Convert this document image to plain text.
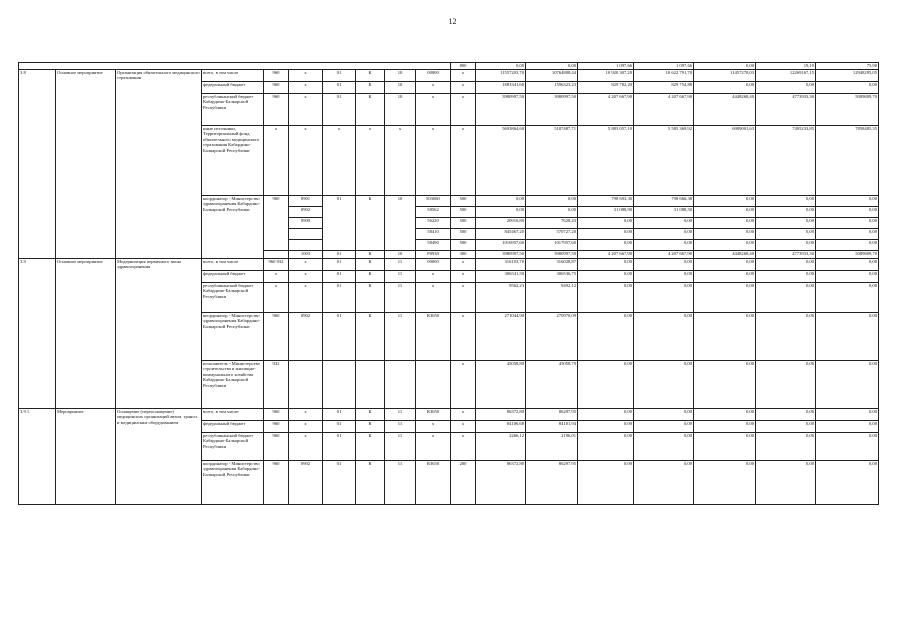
12
										800	0,00	0,00	1 097,66	1 097,66	0,00	19,10	75,90
3.8	Основное мероприятие	Организация обязательного медицинского страхования	всего, в том числе	960	x	01	К	10	00000	x	11557203,70	10764808,44	10 920 307,20	10 622 791,70	11457270,03	12269167,15	12948295,05
			федеральный бюджет	960	x	01	К	10	x	x	1883341,60	1596323,23	829 782,20	829 754,88	0,00	0,00	0,00
			республиканский бюджет Кабардино-Балкарской Республики	960	x	01	К	10	x	x	3980997,50	3980997,50	4 207 667,90	4 207 667,90	4448268,40	4773933,30	5089809,70
			иные источники, Территориальный фонд обязательного медицинского страхования Кабардино-Балкарской Республики	x	x	x	x	x	x	x	5693864,60	5187487,71	5 883 057,10	5 585 369,92	6989001,63	7495233,85	7858485,35
			координатор - Министерство здравоохранения Кабардино-Балкарской Республики	960	0901	01	К	10	5030Ю	500	0,00	0,00	798 693,30	798 666,38	0,00	0,00	0,00
					0902				58562	500	0,00	0,00	31 088,90	31 088,50	0,00	0,00	0,00
					0909				56220	500	20916,80	7628,43	0,00	0,00	0,00	0,00	0,00
									58410	500	845467,20	570727,20	0,00	0,00	0,00	0,00	0,00
									58490	500	1016957,60	1017957,60	0,00	0,00	0,00	0,00	0,00
					1003	01	К	10	Р0930	300	3980997,50	3980997,50	4 207 667,90	4 207 667,90	4448268,40	4773933,30	5089809,70
3.9	Основное мероприятие	Модернизация первичного звена здравоохранения	всего, в том числе	960 932	x	01	К	11	00000	x	316103,70	316028,87	0,00	0,00	0,00	0,00	0,00
			федеральный бюджет	x	x	01	К	11	x	x	306541,50	306536,75	0,00	0,00	0,00	0,00	0,00
			республиканский бюджет Кабардино-Балкарской Республики	x	x	01	К	11	x	x	9562,23	9492,12	0,00	0,00	0,00	0,00	0,00
			координатор - Министерство здравоохранения Кабардино-Балкарской Республики	960	0902	01	К	11	R3650	x	271044,90	270970,09	0,00	0,00	0,00	0,00	0,00
			исполнитель - Министерство строительства и жилищно-коммунального хозяйства Кабардино-Балкарской Республики	932						x	45058,80	45058,79	0,00	0,00	0,00	0,00	0,00
3.9.1	Мероприятие	Оснащение (переоснащение) медицинских организаций автом. трансп. и медицинским оборудованием	всего, в том числе:	960	x	01	К	11	R3650	x	86372,80	86297,95	0,00	0,00	0,00	0,00	0,00
			федеральный бюджет	960	x	01	К	11	x	x	84106,68	84101,94	0,00	0,00	0,00	0,00	0,00
			республиканский бюджет Кабардино-Балкарской Республики	960	x	01	К	11	x	x	2266,12	2196,01	0,00	0,00	0,00	0,00	0,00
			координатор - Министерство здравоохранения Кабардино-Балкарской Республики	960	0902	01	К	11	R3650	200	86372,80	86297,95	0,00	0,00	0,00	0,00	0,00
